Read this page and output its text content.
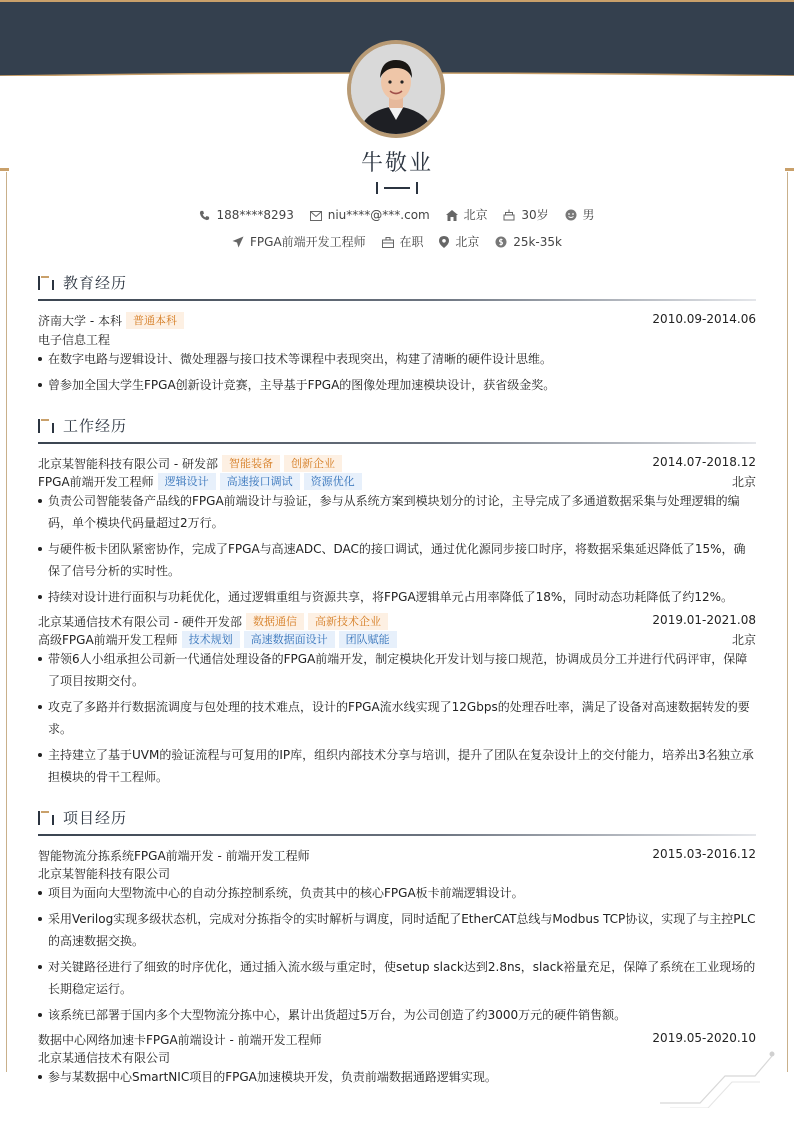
牛敬业
188****8293	niu****@***.com	北京	30岁	男
FPGA前端开发工程师	在职	北京	25k-35k
教育经历
济南大学 - 本科 普通本科	2010.09-2014.06
电子信息工程
在数字电路与逻辑设计、微处理器与接口技术等课程中表现突出，构建了清晰的硬件设计思维。
曾参加全国大学生FPGA创新设计竞赛，主导基于FPGA的图像处理加速模块设计，获省级金奖。
工作经历
北京某智能科技有限公司 - 研发部 智能装备 创新企业	2014.07-2018.12
FPGA前端开发工程师 逻辑设计 高速接口调试 资源优化	北京
负责公司智能装备产品线的FPGA前端设计与验证，参与从系统方案到模块划分的讨论，主导完成了多通道数据采集与处理逻辑的编码，单个模块代码量超过2万行。
与硬件板卡团队紧密协作，完成了FPGA与高速ADC、DAC的接口调试，通过优化源同步接口时序，将数据采集延迟降低了15%，确保了信号分析的实时性。
持续对设计进行面积与功耗优化，通过逻辑重组与资源共享，将FPGA逻辑单元占用率降低了18%，同时动态功耗降低了约12%。
北京某通信技术有限公司 - 硬件开发部 数据通信 高新技术企业	2019.01-2021.08
高级FPGA前端开发工程师 技术规划 高速数据面设计 团队赋能	北京
带领6人小组承担公司新一代通信处理设备的FPGA前端开发，制定模块化开发计划与接口规范，协调成员分工并进行代码评审，保障了项目按期交付。
攻克了多路并行数据流调度与包处理的技术难点，设计的FPGA流水线实现了12Gbps的处理吞吐率，满足了设备对高速数据转发的要求。
主持建立了基于UVM的验证流程与可复用的IP库，组织内部技术分享与培训，提升了团队在复杂设计上的交付能力，培养出3名独立承担模块的骨干工程师。
项目经历
智能物流分拣系统FPGA前端开发 - 前端开发工程师	2015.03-2016.12
北京某智能科技有限公司
项目为面向大型物流中心的自动分拣控制系统，负责其中的核心FPGA板卡前端逻辑设计。
采用Verilog实现多级状态机，完成对分拣指令的实时解析与调度，同时适配了EtherCAT总线与Modbus TCP协议，实现了与主控PLC的高速数据交换。
对关键路径进行了细致的时序优化，通过插入流水级与重定时，使setup slack达到2.8ns，slack裕量充足，保障了系统在工业现场的长期稳定运行。
该系统已部署于国内多个大型物流分拣中心，累计出货超过5万台，为公司创造了约3000万元的硬件销售额。
数据中心网络加速卡FPGA前端设计 - 前端开发工程师	2019.05-2020.10
北京某通信技术有限公司
参与某数据中心SmartNIC项目的FPGA加速模块开发，负责前端数据通路逻辑实现。
